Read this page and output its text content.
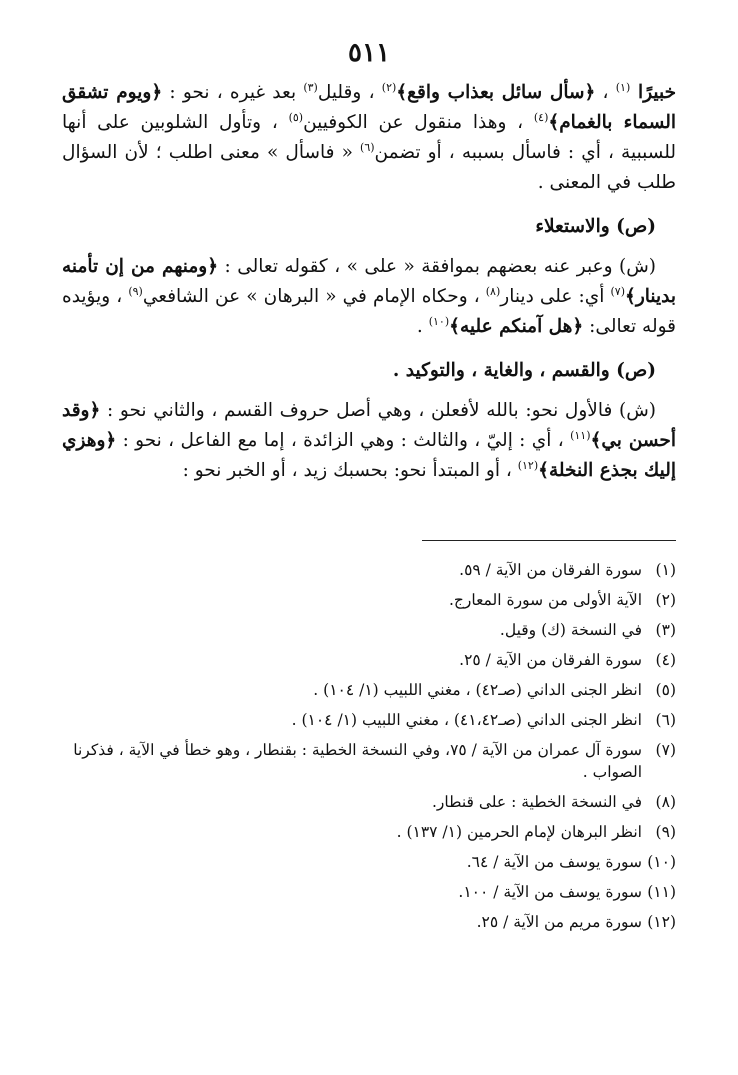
٥١١

خبيرًا $^{(١)}$ ، ﴿سأل سائل بعذاب واقع﴾$^{(٢)}$ ، وقليل$^{(٣)}$ بعد غيره ، نحو : ﴿ويوم تشقق السماء بالغمام﴾$^{(٤)}$ ، وهذا منقول عن الكوفيين$^{(٥)}$ ، وتأول الشلوبين على أنها للسببية ، أي : فاسأل بسببه ، أو تضمن$^{(٦)}$ « فاسأل » معنى اطلب ؛ لأن السؤال طلب في المعنى .

(ص) والاستعلاء

(ش) وعبر عنه بعضهم بموافقة « على » ، كقوله تعالى : ﴿ومنهم من إن تأمنه بدينار﴾$^{(٧)}$ أي: على دينار$^{(٨)}$ ، وحكاه الإمام في « البرهان » عن الشافعي$^{(٩)}$ ، ويؤيده قوله تعالى: ﴿هل آمنكم عليه﴾$^{(١٠)}$ .

(ص) والقسم ، والغاية ، والتوكيد .

(ش) فالأول نحو: بالله لأفعلن ، وهي أصل حروف القسم ، والثاني نحو : ﴿وقد أحسن بي﴾$^{(١١)}$ ، أي : إليّ ، والثالث : وهي الزائدة ، إما مع الفاعل ، نحو : ﴿وهزي إليك بجذع النخلة﴾$^{(١٢)}$ ، أو المبتدأ نحو: بحسبك زيد ، أو الخبر نحو :

(١)سورة الفرقان من الآية / ٥٩.
(٢)الآية الأولى من سورة المعارج.
(٣)في النسخة (ك) وقيل.
(٤)سورة الفرقان من الآية / ٢٥.
(٥)انظر الجنى الداني (صـ٤٢) ، مغني اللبيب (١/ ١٠٤) .
(٦)انظر الجنى الداني (صـ٤١،٤٢) ، مغني اللبيب (١/ ١٠٤) .
(٧)سورة آل عمران من الآية / ٧٥، وفي النسخة الخطية : بقنطار ، وهو خطأ في الآية ، فذكرنا الصواب .
(٨)في النسخة الخطية : على قنطار.
(٩)انظر البرهان لإمام الحرمين (١/ ١٣٧) .
(١٠)سورة يوسف من الآية / ٦٤.
(١١)سورة يوسف من الآية / ١٠٠.
(١٢)سورة مريم من الآية / ٢٥.
